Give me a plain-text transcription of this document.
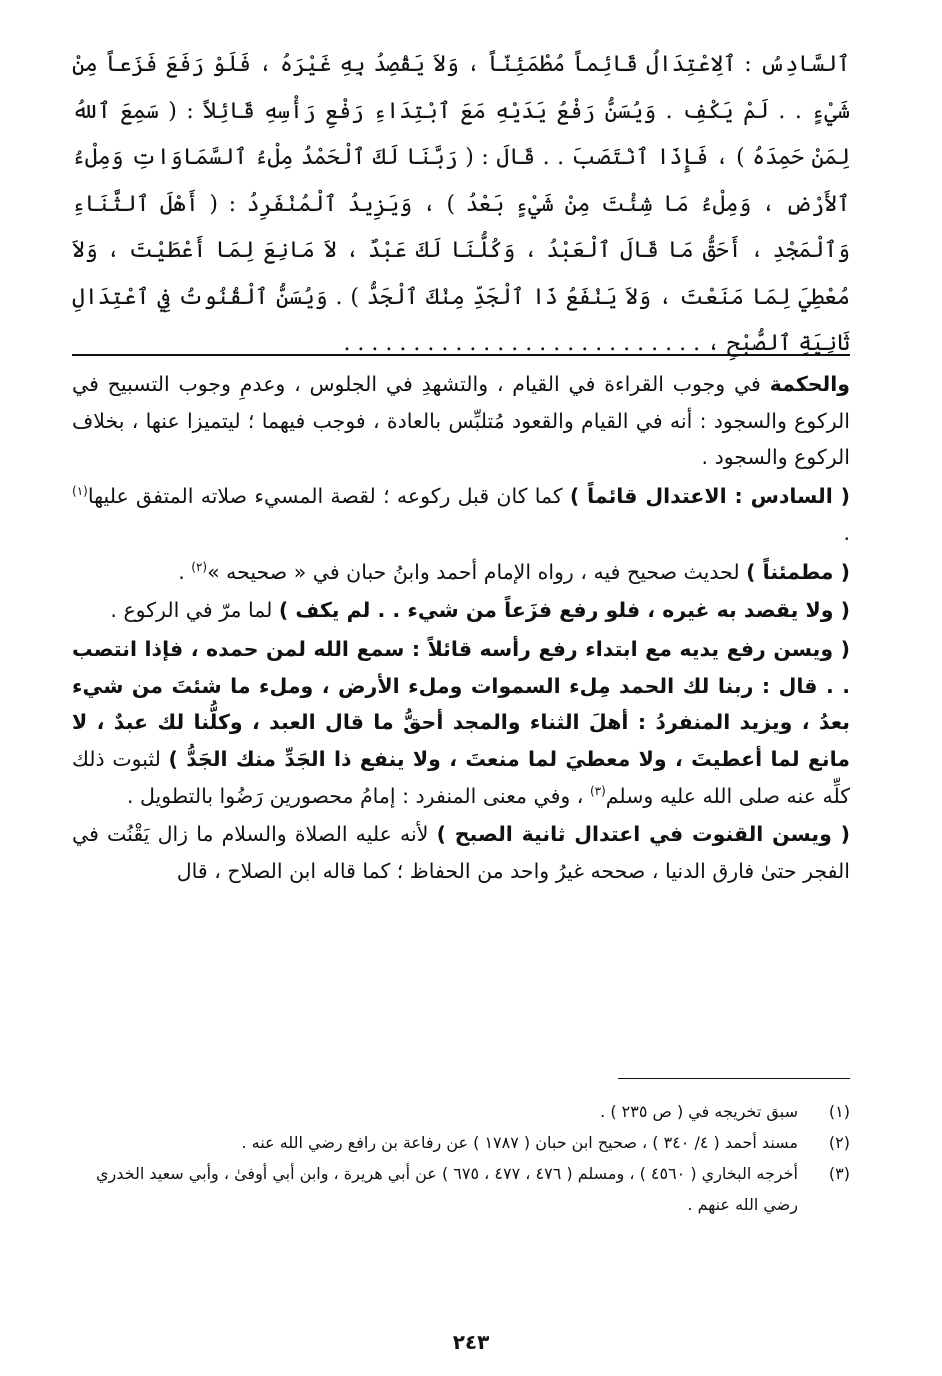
ٱلسَّادِسُ : ٱلِاعْتِدَالُ قَائِماً مُطْمَئِنّاً ، وَلاَ يَقْصِدُ بِهِ غَيْرَهُ ، فَلَوْ رَفَعَ فَزَعاً مِنْ شَيْءٍ . . لَمْ يَكْفِ . وَيُسَنُّ رَفْعُ يَدَيْهِ مَعَ ٱبْتِدَاءِ رَفْعِ رَأْسِهِ قَائِلاً : ( سَمِعَ ٱللهُ لِمَنْ حَمِدَهُ ) ، فَإِذَا ٱنْتَصَبَ . . قَالَ : ( رَبَّنَا لَكَ ٱلْحَمْدُ مِلْءُ ٱلسَّمَاوَاتِ وَمِلْءُ ٱلأَرْضِ ، وَمِلْءُ مَا شِئْتَ مِنْ شَيْءٍ بَعْدُ ) ، وَيَزِيدُ ٱلْمُنْفَرِدُ : ( أَهْلَ ٱلثَّنَاءِ وَٱلْمَجْدِ ، أَحَقُّ مَا قَالَ ٱلْعَبْدُ ، وَكُلُّنَا لَكَ عَبْدٌ ، لاَ مَانِعَ لِمَا أَعْطَيْتَ ، وَلاَ مُعْطِيَ لِمَا مَنَعْتَ ، وَلاَ يَنْفَعُ ذَا ٱلْجَدِّ مِنْكَ ٱلْجَدُّ ) . وَيُسَنُّ ٱلْقُنُوتُ فِي ٱعْتِدَالِ ثَانِيَةِ ٱلصُّبْحِ ، . . . . . . . . . . . . . . . . . . . . . . . . . .

والحكمة في وجوب القراءة في القيام ، والتشهدِ في الجلوس ، وعدمِ وجوب التسبيح في الركوع والسجود : أنه في القيام والقعود مُتلبِّس بالعادة ، فوجب فيهما ؛ ليتميزا عنها ، بخلاف الركوع والسجود .

( السادس : الاعتدال قائماً ) كما كان قبل ركوعه ؛ لقصة المسيء صلاته المتفق عليها$^{(١)}$ .

( مطمئناً ) لحديث صحيح فيه ، رواه الإمام أحمد وابنُ حبان في « صحيحه »$^{(٢)}$ .

( ولا يقصد به غيره ، فلو رفع فزَعاً من شيء . . لم يكف ) لما مرّ في الركوع .

( ويسن رفع يديه مع ابتداء رفع رأسه قائلاً : سمع الله لمن حمده ، فإذا انتصب . . قال : ربنا لك الحمد مِلء السموات وملء الأرض ، وملء ما شئتَ من شيء بعدُ ، ويزيد المنفردُ : أهلَ الثناء والمجد أحقُّ ما قال العبد ، وكلُّنا لك عبدٌ ، لا مانع لما أعطيتَ ، ولا معطيَ لما منعتَ ، ولا ينفع ذا الجَدِّ منك الجَدُّ ) لثبوت ذلك كلِّه عنه صلى الله عليه وسلم$^{(٣)}$ ، وفي معنى المنفرد : إمامُ محصورين رَضُوا بالتطويل .

( ويسن القنوت في اعتدال ثانية الصبح ) لأنه عليه الصلاة والسلام ما زال يَقْنُت في الفجر حتىٰ فارق الدنيا ، صححه غيرُ واحد من الحفاظ ؛ كما قاله ابن الصلاح ، قال

(١)
سبق تخريجه في ( ص ٢٣٥ ) .
(٢)
مسند أحمد ( ٤/ ٣٤٠ ) ، صحيح ابن حبان ( ١٧٨٧ ) عن رفاعة بن رافع رضي الله عنه .
(٣)
أخرجه البخاري ( ٤٥٦٠ ) ، ومسلم ( ٤٧٦ ، ٤٧٧ ، ٦٧٥ ) عن أبي هريرة ، وابن أبي أوفىٰ ، وأبي سعيد الخدري رضي الله عنهم .
٢٤٣
